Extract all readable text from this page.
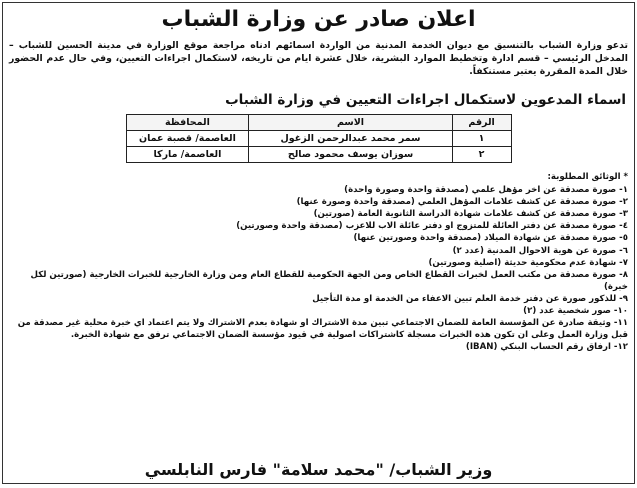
اعلان صادر عن وزارة الشباب
تدعو وزارة الشباب بالتنسيق مع ديوان الخدمة المدنية من الواردة اسمائهم ادناه مراجعة موقع الوزارة في مدينة الحسين للشباب – المدخل الرئيسي – قسم ادارة وتخطيط الموارد البشرية، خلال عشرة ايام من تاريخه، لاستكمال اجراءات التعيين، وفي حال عدم الحضور خلال المدة المقررة يعتبر مستنكفاً.
اسماء المدعوين لاستكمال اجراءات التعيين في وزارة الشباب
الرقم	الاسم	المحافظة
١	سمر محمد عبدالرحمن الزغول	العاصمة/ قصبة عمان
٢	سوزان يوسف محمود صالح	العاصمة/ ماركا
* الوثائق المطلوبة:
١- صورة مصدقة عن اخر مؤهل علمي (مصدقة واحدة وصورة واحدة)
٢- صورة مصدقة عن كشف علامات المؤهل العلمي (مصدقة واحدة وصورة عنها)
٣- صورة مصدقة عن كشف علامات شهادة الدراسة الثانوية العامة (صورتين)
٤- صورة مصدقة عن دفتر العائلة للمتزوج او دفتر عائلة الاب للاعزب (مصدقة واحدة وصورتين)
٥- صورة مصدقة عن شهادة الميلاد (مصدقة واحدة وصورتين عنها)
٦- صورة عن هوية الاحوال المدنية (عدد ٢)
٧- شهادة عدم محكومية حديثة (اصلية وصورتين)
٨- صورة مصدقة من مكتب العمل لخبرات القطاع الخاص ومن الجهة الحكومية للقطاع العام ومن وزارة الخارجية للخبرات الخارجية (صورتين لكل خبرة)
٩- للذكور صورة عن دفتر خدمة العلم تبين الاعفاء من الخدمة او مدة التأجيل
١٠- صور شخصية عدد (٢)
١١- وثيقة صادرة عن المؤسسة العامة للضمان الاجتماعي تبين مدة الاشتراك او شهادة بعدم الاشتراك ولا يتم اعتماد اي خبرة محلية غير مصدقة من قبل وزارة العمل وعلى ان تكون هذه الخبرات مسجلة كاشتراكات اصولية في قيود مؤسسة الضمان الاجتماعي ترفق مع شهادة الخبرة.
١٢- ارفاق رقم الحساب البنكي (IBAN)
وزير الشباب/ "محمد سلامة" فارس النابلسي
